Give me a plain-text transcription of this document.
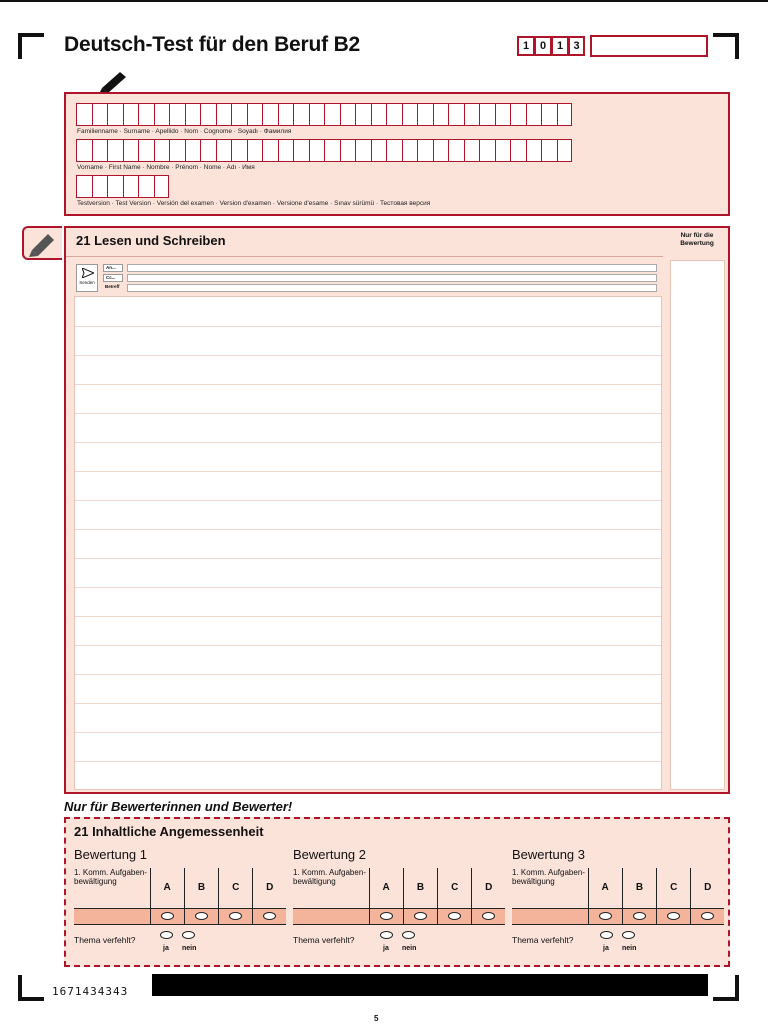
Deutsch-Test für den Beruf B2	1 0 1 3
Familienname · Surname · Apellido · Nom · Cognome · Soyadı · Фамилия
Vorname · First Name · Nombre · Prénom · Nome · Adı · Имя
Testversion · Test Version · Versión del examen · Version d'examen · Versione d'esame · Sınav sürümü · Тестовая версия
21 Lesen und Schreiben	Nur für die Bewertung
Senden
An...
Cc...
Betreff
Nur für Bewerterinnen und Bewerter!
21 Inhaltliche Angemessenheit
Bewertung 1
1. Komm. Aufgaben-bewältigung	A	B	C	D

Thema verfehlt?
ja nein
Bewertung 2
1. Komm. Aufgaben-bewältigung	A	B	C	D

Thema verfehlt?
ja nein
Bewertung 3
1. Komm. Aufgaben-bewältigung	A	B	C	D

Thema verfehlt?
ja nein
1671434343
5
